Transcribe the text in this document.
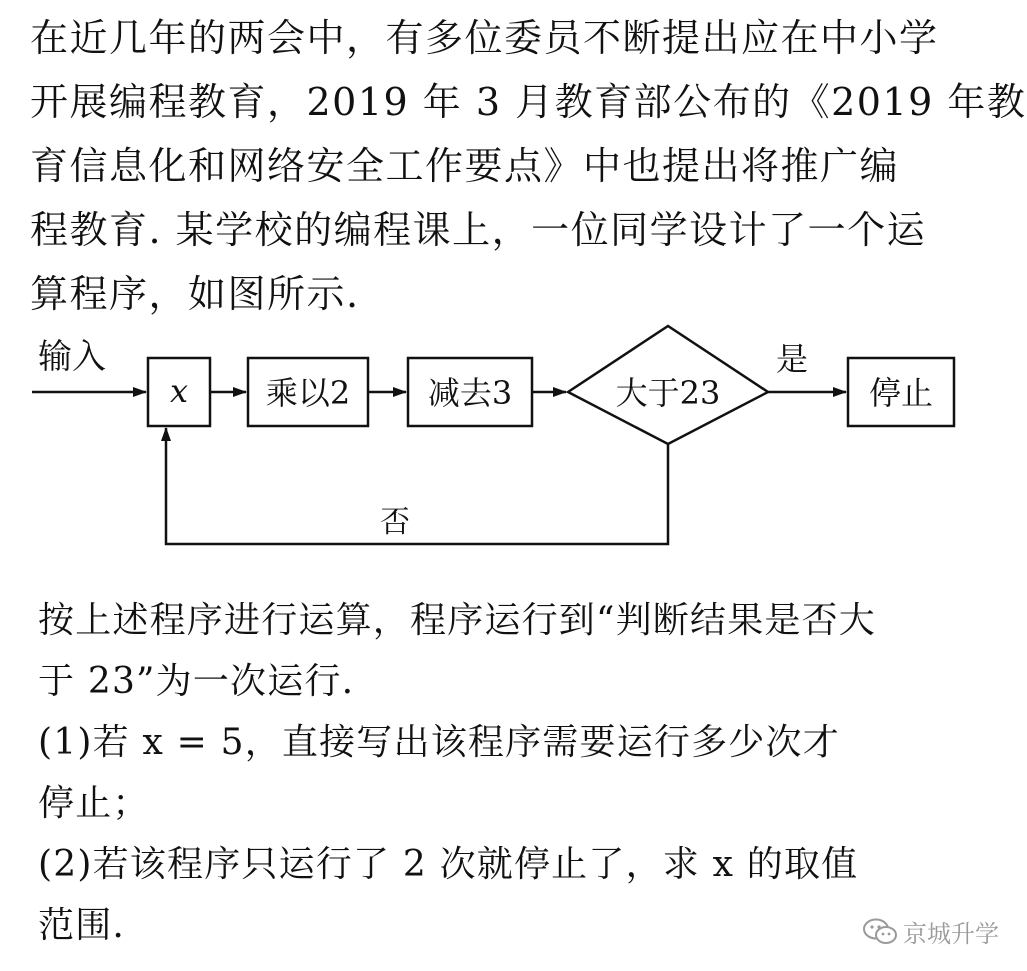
在近几年的两会中，有多位委员不断提出应在中小学
开展编程教育，2019 年 3 月教育部公布的《2019 年教
育信息化和网络安全工作要点》中也提出将推广编
程教育. 某学校的编程课上，一位同学设计了一个运
算程序，如图所示.
输入
x 乘以2 减去3	大于23
是
停止
否
按上述程序进行运算，程序运行到“判断结果是否大
于 23”为一次运行.
(1)若 x = 5，直接写出该程序需要运行多少次才
停止；
(2)若该程序只运行了 2 次就停止了，求 x 的取值
范围.	京城升学
